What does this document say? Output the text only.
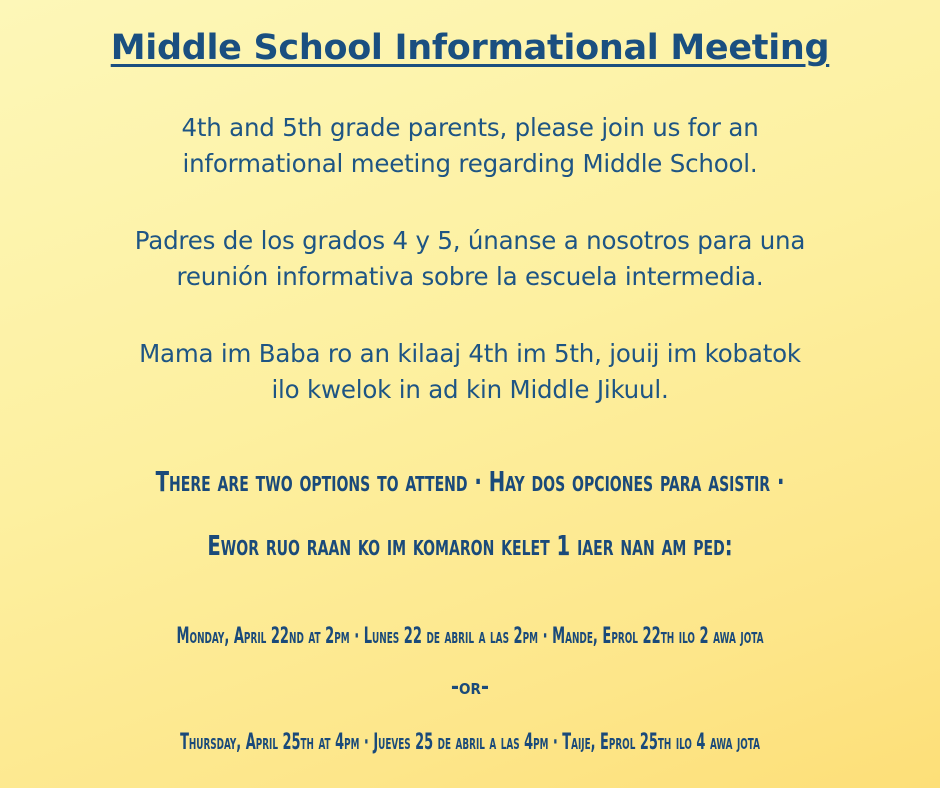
Middle School Informational Meeting
4th and 5th grade parents, please join us for an
informational meeting regarding Middle School.
Padres de los grados 4 y 5, únanse a nosotros para una
reunión informativa sobre la escuela intermedia.
Mama im Baba ro an kilaaj 4th im 5th, jouij im kobatok
ilo kwelok in ad kin Middle Jikuul.
There are two options to attend · Hay dos opciones para asistir ·
Ewor ruo raan ko im komaron kelet 1 iaer nan am ped:
Monday, April 22nd at 2pm · Lunes 22 de abril a las 2pm · Mande, Eprol 22th ilo 2 awa jota
-or-
Thursday, April 25th at 4pm · Jueves 25 de abril a las 4pm · Taije, Eprol 25th ilo 4 awa jota
